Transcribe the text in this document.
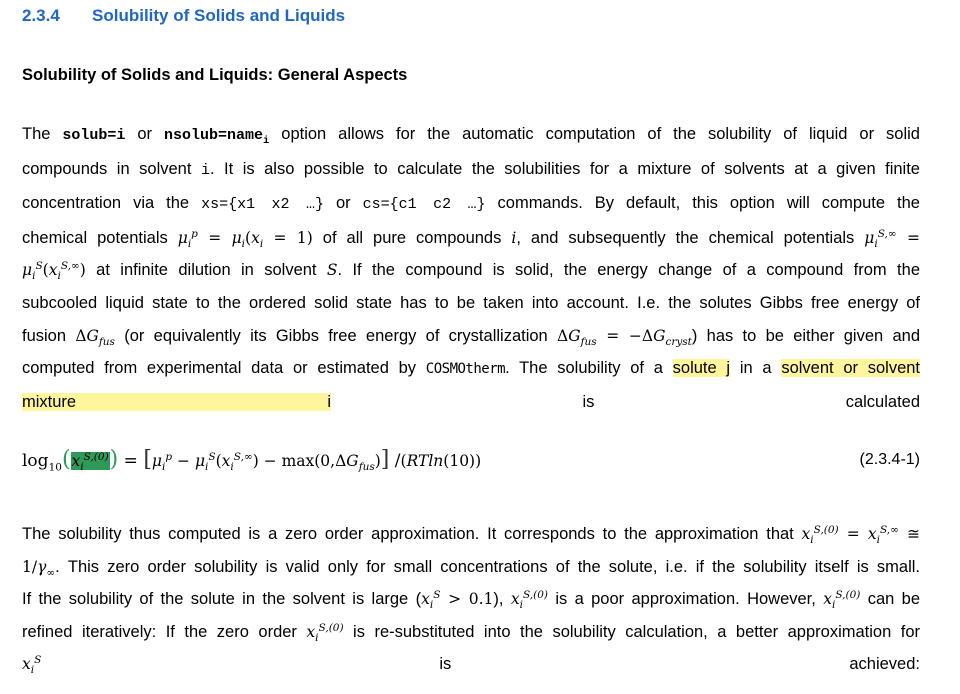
2.3.4 Solubility of Solids and Liquids
Solubility of Solids and Liquids: General Aspects
The solub=i or nsolub=name$_i$ option allows for the automatic computation of the solubility of liquid or solid
compounds in solvent i. It is also possible to calculate the solubilities for a mixture of solvents at a given finite
concentration via the xs={x1 x2 …} or cs={c1 c2 …} commands. By default, this option will compute the
chemical potentials $\mu_i^p = \mu_i(x_i = 1)$ of all pure compounds i, and subsequently the chemical potentials $\mu_i^{S,\infty}$ =
$\mu_i^S(x_i^{S,\infty})$ at infinite dilution in solvent S. If the compound is solid, the energy change of a compound from the
subcooled liquid state to the ordered solid state has to be taken into account. I.e. the solutes Gibbs free energy of
fusion $\Delta G_{fus}$ (or equivalently its Gibbs free energy of crystallization $\Delta G_{fus} = -\Delta G_{cryst}$) has to be either given and
computed from experimental data or estimated by COSMOtherm. The solubility of a solute j in a solvent or solvent
mixture i is calculated
$\log_{10}(x_i^{S,(0)}) = [\mu_i^p - \mu_i^S(x_i^{S,\infty}) - \max(0,\Delta G_{fus})]$ /(RTln(10))	(2.3.4-1)
The solubility thus computed is a zero order approximation. It corresponds to the approximation that $x_i^{S,(0)} = x_i^{S,\infty}$ ≅
$1/\gamma_\infty$. This zero order solubility is valid only for small concentrations of the solute, i.e. if the solubility itself is small.
If the solubility of the solute in the solvent is large $(x_i^S > 0.1)$, $x_i^{S,(0)}$ is a poor approximation. However, $x_i^{S,(0)}$ can be
refined iteratively: If the zero order $x_i^{S,(0)}$ is re-substituted into the solubility calculation, a better approximation for
$x_i^S$ is achieved:
